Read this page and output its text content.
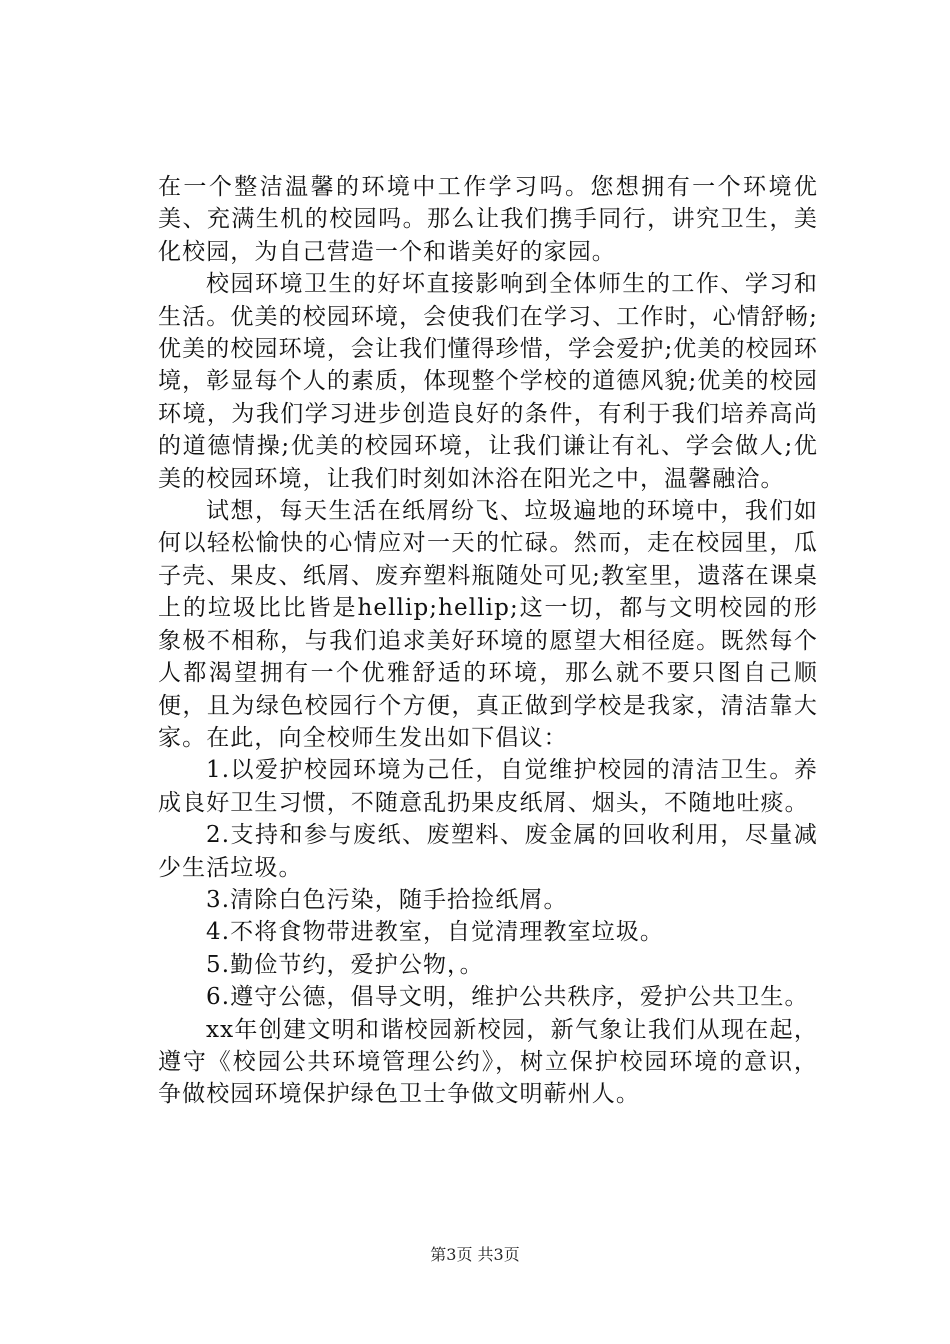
在一个整洁温馨的环境中工作学习吗。您想拥有一个环境优美、充满生机的校园吗。那么让我们携手同行，讲究卫生，美化校园，为自己营造一个和谐美好的家园。

校园环境卫生的好坏直接影响到全体师生的工作、学习和生活。优美的校园环境，会使我们在学习、工作时，心情舒畅;优美的校园环境，会让我们懂得珍惜，学会爱护;优美的校园环境，彰显每个人的素质，体现整个学校的道德风貌;优美的校园环境，为我们学习进步创造良好的条件，有利于我们培养高尚的道德情操;优美的校园环境，让我们谦让有礼、学会做人;优美的校园环境，让我们时刻如沐浴在阳光之中，温馨融洽。

试想，每天生活在纸屑纷飞、垃圾遍地的环境中，我们如何以轻松愉快的心情应对一天的忙碌。然而，走在校园里，瓜子壳、果皮、纸屑、废弃塑料瓶随处可见;教室里，遗落在课桌上的垃圾比比皆是hellip;hellip;这一切，都与文明校园的形象极不相称，与我们追求美好环境的愿望大相径庭。既然每个人都渴望拥有一个优雅舒适的环境，那么就不要只图自己顺便，且为绿色校园行个方便，真正做到学校是我家，清洁靠大家。在此，向全校师生发出如下倡议：

1.以爱护校园环境为己任，自觉维护校园的清洁卫生。养成良好卫生习惯，不随意乱扔果皮纸屑、烟头，不随地吐痰。

2.支持和参与废纸、废塑料、废金属的回收利用，尽量减少生活垃圾。

3.清除白色污染，随手拾捡纸屑。

4.不将食物带进教室，自觉清理教室垃圾。

5.勤俭节约，爱护公物，。

6.遵守公德，倡导文明，维护公共秩序，爱护公共卫生。

xx年创建文明和谐校园新校园，新气象让我们从现在起，遵守《校园公共环境管理公约》，树立保护校园环境的意识，争做校园环境保护绿色卫士争做文明蕲州人。

第3页 共3页
